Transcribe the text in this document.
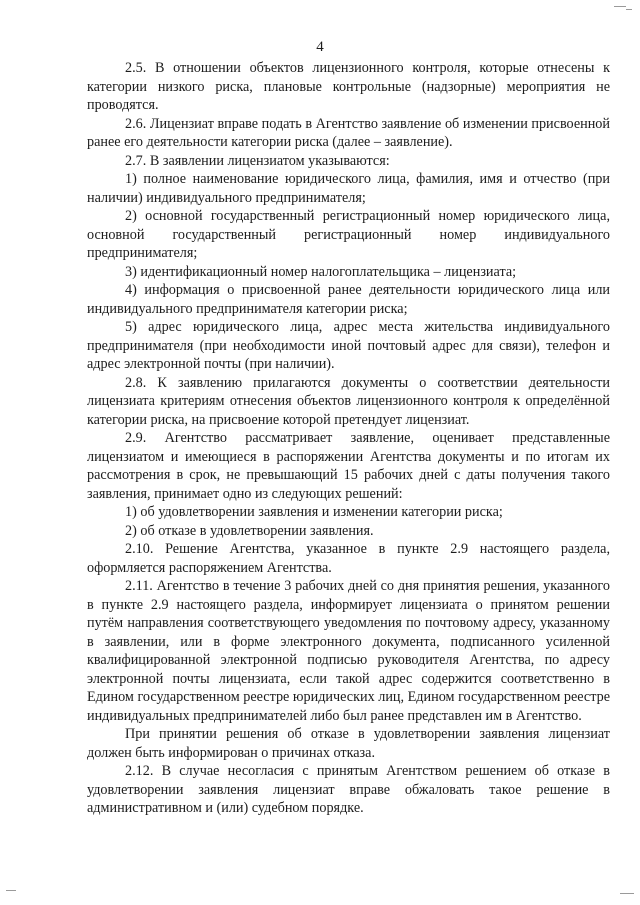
4

2.5. В отношении объектов лицензионного контроля, которые отнесены к категории низкого риска, плановые контрольные (надзорные) мероприятия не проводятся.

2.6. Лицензиат вправе подать в Агентство заявление об изменении присвоенной ранее его деятельности категории риска (далее – заявление).

2.7. В заявлении лицензиатом указываются:

1) полное наименование юридического лица, фамилия, имя и отчество (при наличии) индивидуального предпринимателя;

2) основной государственный регистрационный номер юридического лица, основной государственный регистрационный номер индивидуального предпринимателя;

3) идентификационный номер налогоплательщика – лицензиата;

4) информация о присвоенной ранее деятельности юридического лица или индивидуального предпринимателя категории риска;

5) адрес юридического лица, адрес места жительства индивидуального предпринимателя (при необходимости иной почтовый адрес для связи), телефон и адрес электронной почты (при наличии).

2.8. К заявлению прилагаются документы о соответствии деятельности лицензиата критериям отнесения объектов лицензионного контроля к определённой категории риска, на присвоение которой претендует лицензиат.

2.9. Агентство рассматривает заявление, оценивает представленные лицензиатом и имеющиеся в распоряжении Агентства документы и по итогам их рассмотрения в срок, не превышающий 15 рабочих дней с даты получения такого заявления, принимает одно из следующих решений:

1) об удовлетворении заявления и изменении категории риска;

2) об отказе в удовлетворении заявления.

2.10. Решение Агентства, указанное в пункте 2.9 настоящего раздела, оформляется распоряжением Агентства.

2.11. Агентство в течение 3 рабочих дней со дня принятия решения, указанного в пункте 2.9 настоящего раздела, информирует лицензиата о принятом решении путём направления соответствующего уведомления по почтовому адресу, указанному в заявлении, или в форме электронного документа, подписанного усиленной квалифицированной электронной подписью руководителя Агентства, по адресу электронной почты лицензиата, если такой адрес содержится соответственно в Едином государственном реестре юридических лиц, Едином государственном реестре индивидуальных предпринимателей либо был ранее представлен им в Агентство.

При принятии решения об отказе в удовлетворении заявления лицензиат должен быть информирован о причинах отказа.

2.12. В случае несогласия с принятым Агентством решением об отказе в удовлетворении заявления лицензиат вправе обжаловать такое решение в административном и (или) судебном порядке.
